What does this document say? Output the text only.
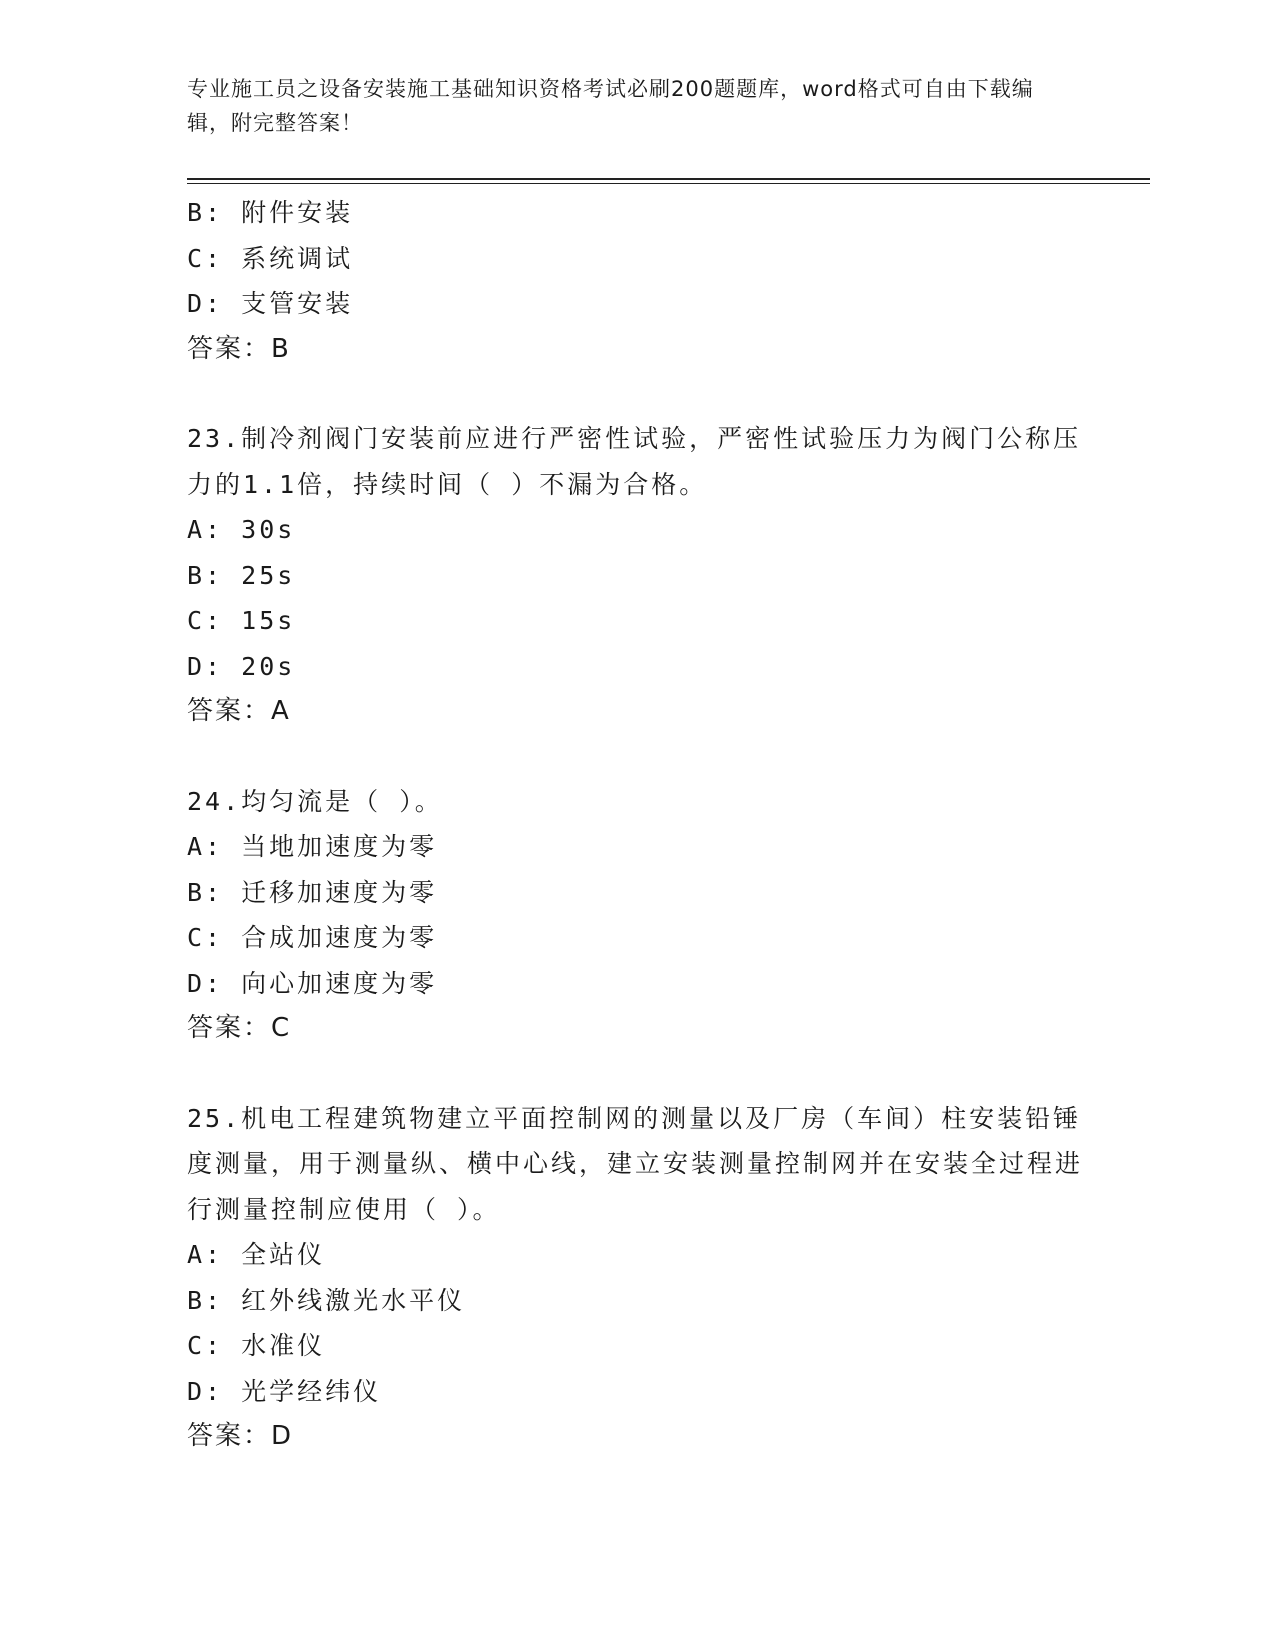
专业施工员之设备安装施工基础知识资格考试必刷200题题库，word格式可自由下载编辑，附完整答案！

B: 附件安装

C: 系统调试

D: 支管安装

答案：B

23.制冷剂阀门安装前应进行严密性试验，严密性试验压力为阀门公称压力的1.1倍，持续时间（ ）不漏为合格。

A: 30s

B: 25s

C: 15s

D: 20s

答案：A

24.均匀流是（ ）。

A: 当地加速度为零

B: 迁移加速度为零

C: 合成加速度为零

D: 向心加速度为零

答案：C

25.机电工程建筑物建立平面控制网的测量以及厂房（车间）柱安装铅锤度测量，用于测量纵、横中心线，建立安装测量控制网并在安装全过程进行测量控制应使用（ ）。

A: 全站仪

B: 红外线激光水平仪

C: 水准仪

D: 光学经纬仪

答案：D
